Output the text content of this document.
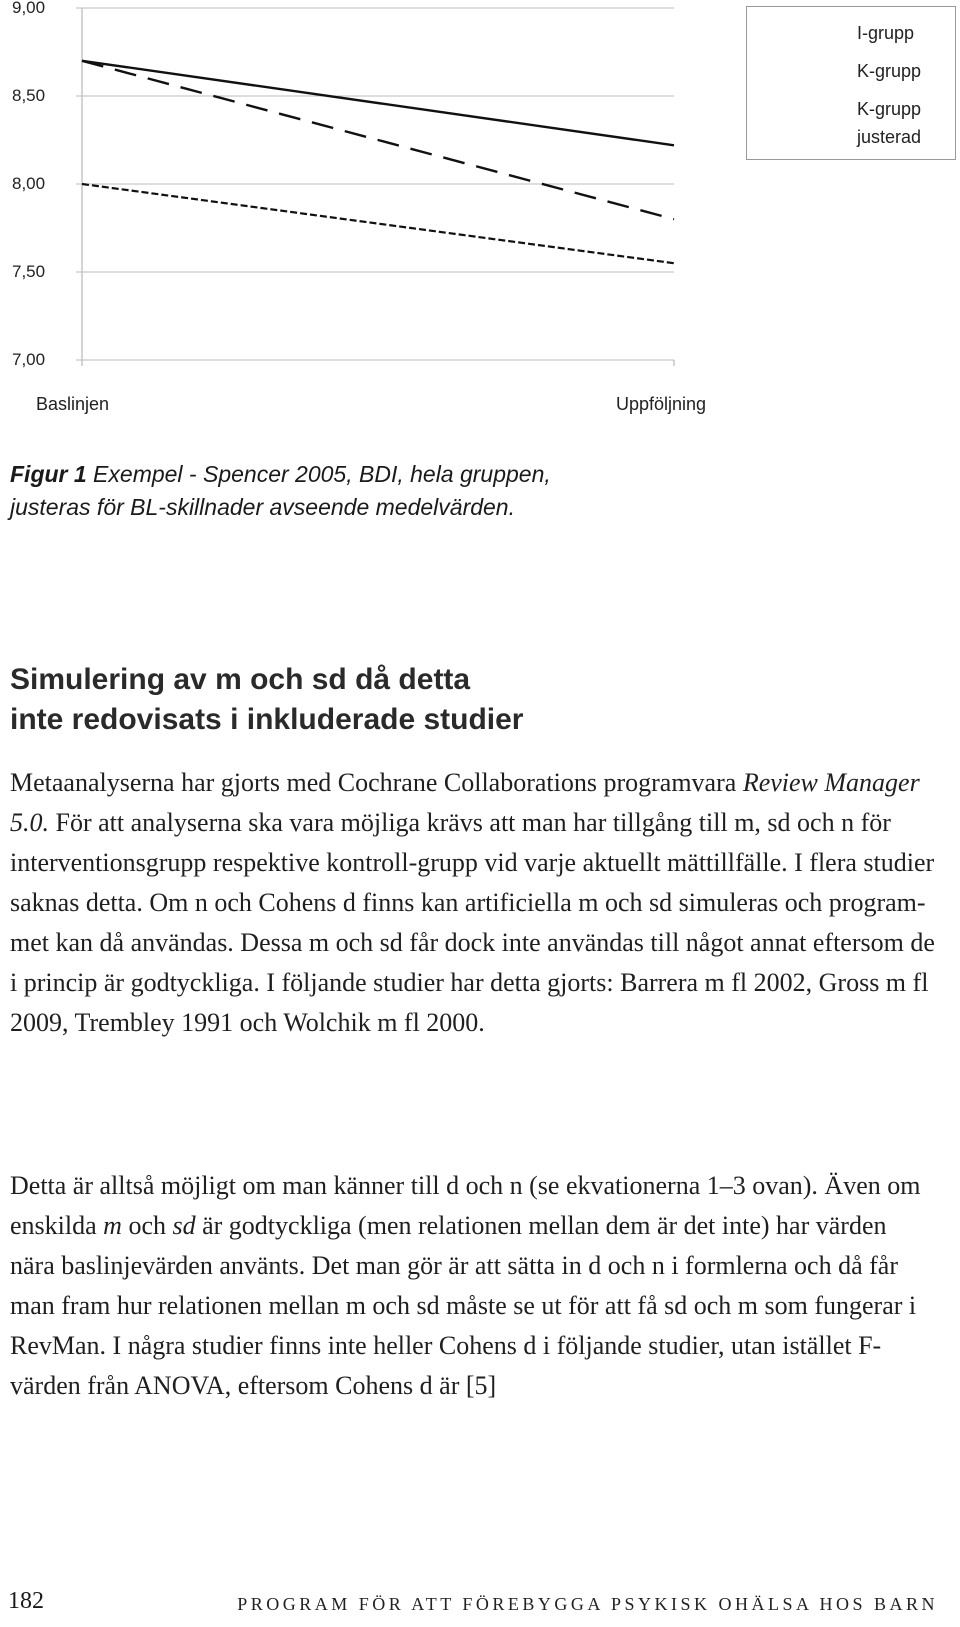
9,00
8,50
8,00
7,50
7,00
Baslinjen	Uppföljning
I-grupp
K-grupp
K-grupp
justerad
Figur 1 Exempel - Spencer 2005, BDI, hela gruppen,
justeras för BL-skillnader avseende medelvärden.
Simulering av m och sd då detta
inte redovisats i inkluderade studier
Metaanalyserna har gjorts med Cochrane Collaborations programvara Review Manager 5.0. För att analyserna ska vara möjliga krävs att man har tillgång till m, sd och n för interventionsgrupp respektive kontroll-grupp vid varje aktuellt mättillfälle. I flera studier saknas detta. Om n och Cohens d finns kan artificiella m och sd simuleras och program-met kan då användas. Dessa m och sd får dock inte användas till något annat eftersom de i princip är godtyckliga. I följande studier har detta gjorts: Barrera m fl 2002, Gross m fl 2009, Trembley 1991 och Wolchik m fl 2000.
Detta är alltså möjligt om man känner till d och n (se ekvationerna 1–3 ovan). Även om enskilda m och sd är godtyckliga (men relationen mellan dem är det inte) har värden nära baslinjevärden använts. Det man gör är att sätta in d och n i formlerna och då får man fram hur relationen mellan m och sd måste se ut för att få sd och m som fungerar i RevMan. I några studier finns inte heller Cohens d i följande studier, utan istället F-värden från ANOVA, eftersom Cohens d är [5]
182	PROGRAM FÖR ATT FÖREBYGGA PSYKISK OHÄLSA HOS BARN
